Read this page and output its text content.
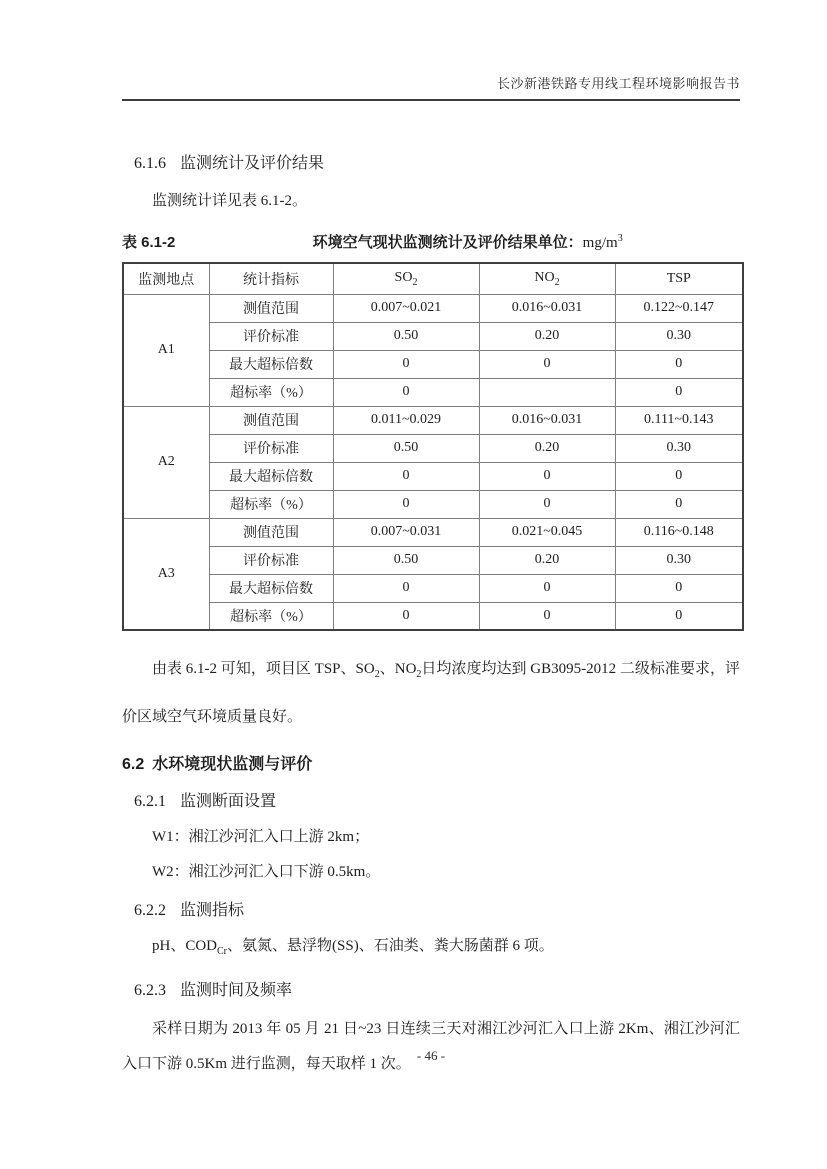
长沙新港铁路专用线工程环境影响报告书

6.1.6 监测统计及评价结果

监测统计详见表 6.1-2。

表 6.1-2	环境空气现状监测统计及评价结果单位：$mg/m^3$
监测地点	统计指标	$SO_2$	$NO_2$	TSP
A1	测值范围	0.007~0.021	0.016~0.031	0.122~0.147
	评价标准	0.50	0.20	0.30
	最大超标倍数	0	0	0
	超标率（%）	0		0
A2	测值范围	0.011~0.029	0.016~0.031	0.111~0.143
	评价标准	0.50	0.20	0.30
	最大超标倍数	0	0	0
	超标率（%）	0	0	0
A3	测值范围	0.007~0.031	0.021~0.045	0.116~0.148
	评价标准	0.50	0.20	0.30
	最大超标倍数	0	0	0
	超标率（%）	0	0	0

由表 6.1-2 可知，项目区 TSP、$SO_2$、$NO_2$日均浓度均达到 GB3095-2012 二级标准要求，评价区域空气环境质量良好。

6.2 水环境现状监测与评价

6.2.1 监测断面设置

W1：湘江沙河汇入口上游 2km；

W2：湘江沙河汇入口下游 0.5km。

6.2.2 监测指标

pH、$COD_{Cr}$、氨氮、悬浮物(SS)、石油类、粪大肠菌群 6 项。

6.2.3 监测时间及频率

采样日期为 2013 年 05 月 21 日~23 日连续三天对湘江沙河汇入口上游 2Km、湘江沙河汇入口下游 0.5Km 进行监测，每天取样 1 次。

- 46 -
